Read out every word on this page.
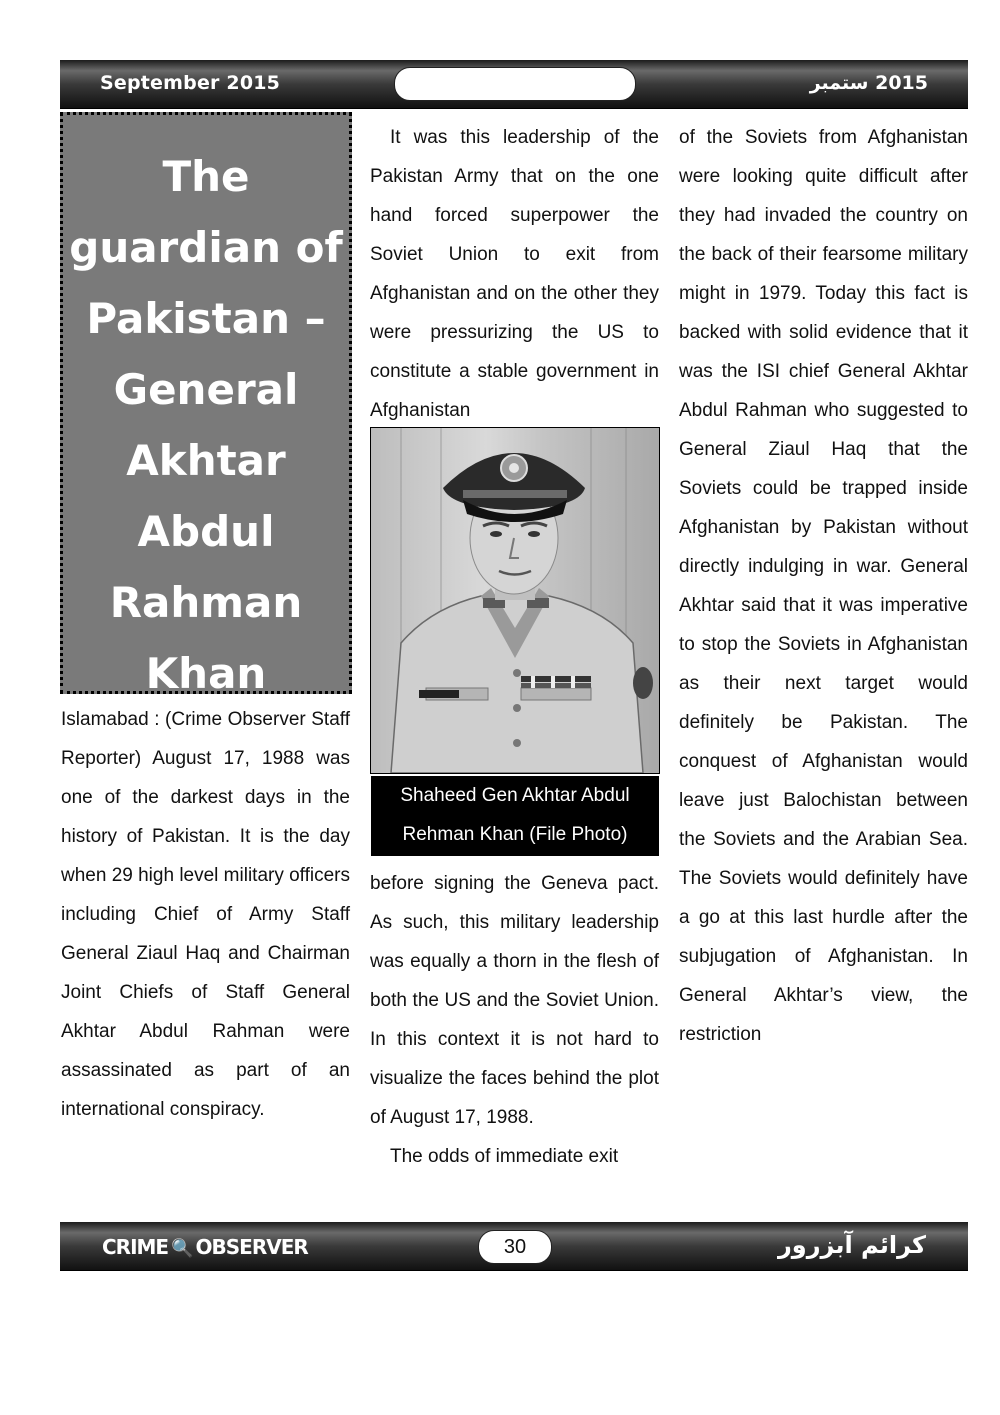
September 2015	2015 ستمبر
The guardian of Pakistan – General Akhtar Abdul Rahman Khan

Islamabad : (Crime Observer Staff Reporter) August 17, 1988 was one of the darkest days in the history of Pakistan. It is the day when 29 high level military officers including Chief of Army Staff General Ziaul Haq and Chairman Joint Chiefs of Staff General Akhtar Abdul Rahman were assassinated as part of an international conspiracy.

It was this leadership of the Pakistan Army that on the one hand forced superpower the Soviet Union to exit from Afghanistan and on the other they were pressurizing the US to constitute a stable government in Afghanistan

Shaheed Gen Akhtar Abdul Rehman Khan (File Photo)

before signing the Geneva pact. As such, this military leadership was equally a thorn in the flesh of both the US and the Soviet Union. In this context it is not hard to visualize the faces behind the plot of August 17, 1988.

The odds of immediate exit

of the Soviets from Afghanistan were looking quite difficult after they had invaded the country on the back of their fearsome military might in 1979. Today this fact is backed with solid evidence that it was the ISI chief General Akhtar Abdul Rahman who suggested to General Ziaul Haq that the Soviets could be trapped inside Afghanistan by Pakistan without directly indulging in war. General Akhtar said that it was imperative to stop the Soviets in Afghanistan as their next target would definitely be Pakistan. The conquest of Afghanistan would leave just Balochistan between the Soviets and the Arabian Sea. The Soviets would definitely have a go at this last hurdle after the subjugation of Afghanistan. In General Akhtar’s view, the restriction

CRIME 🔍 OBSERVER	30	کرائم آبزرور
